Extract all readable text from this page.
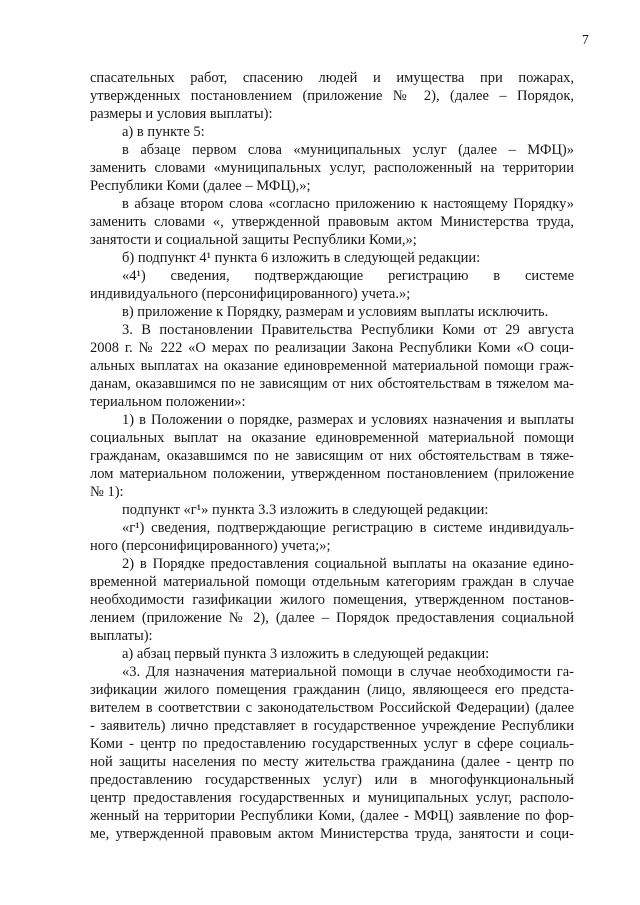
7
спасательных работ, спасению людей и имущества при пожарах,
утвержденных постановлением (приложение № 2), (далее – Порядок,
размеры и условия выплаты):
а) в пункте 5:
в абзаце первом слова «муниципальных услуг (далее – МФЦ)»
заменить словами «муниципальных услуг, расположенный на территории
Республики Коми (далее – МФЦ),»;
в абзаце втором слова «согласно приложению к настоящему Порядку»
заменить словами «, утвержденной правовым актом Министерства труда,
занятости и социальной защиты Республики Коми,»;
б) подпункт 4¹ пункта 6 изложить в следующей редакции:
«4¹) сведения, подтверждающие регистрацию в системе
индивидуального (персонифицированного) учета.»;
в) приложение к Порядку, размерам и условиям выплаты исключить.
3. В постановлении Правительства Республики Коми от 29 августа
2008 г. № 222 «О мерах по реализации Закона Республики Коми «О соци-
альных выплатах на оказание единовременной материальной помощи граж-
данам, оказавшимся по не зависящим от них обстоятельствам в тяжелом ма-
териальном положении»:
1) в Положении о порядке, размерах и условиях назначения и выплаты
социальных выплат на оказание единовременной материальной помощи
гражданам, оказавшимся по не зависящим от них обстоятельствам в тяже-
лом материальном положении, утвержденном постановлением (приложение
№ 1):
подпункт «г¹» пункта 3.3 изложить в следующей редакции:
«г¹) сведения, подтверждающие регистрацию в системе индивидуаль-
ного (персонифицированного) учета;»;
2) в Порядке предоставления социальной выплаты на оказание едино-
временной материальной помощи отдельным категориям граждан в случае
необходимости газификации жилого помещения, утвержденном постанов-
лением (приложение № 2), (далее – Порядок предоставления социальной
выплаты):
а) абзац первый пункта 3 изложить в следующей редакции:
«3. Для назначения материальной помощи в случае необходимости га-
зификации жилого помещения гражданин (лицо, являющееся его предста-
вителем в соответствии с законодательством Российской Федерации) (далее
- заявитель) лично представляет в государственное учреждение Республики
Коми - центр по предоставлению государственных услуг в сфере социаль-
ной защиты населения по месту жительства гражданина (далее - центр по
предоставлению государственных услуг) или в многофункциональный
центр предоставления государственных и муниципальных услуг, располо-
женный на территории Республики Коми, (далее - МФЦ) заявление по фор-
ме, утвержденной правовым актом Министерства труда, занятости и соци-
